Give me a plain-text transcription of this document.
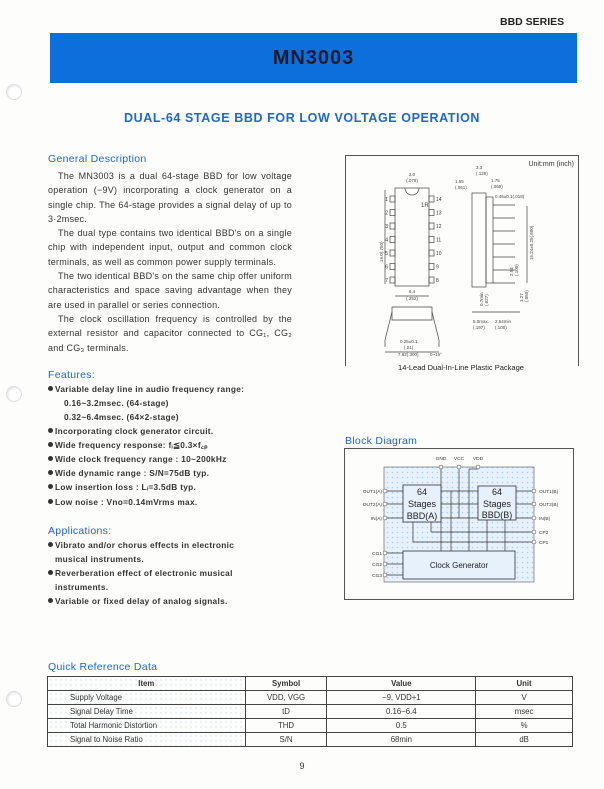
BBD SERIES
MN3003
DUAL-64 STAGE BBD FOR LOW VOLTAGE OPERATION
General Description

The MN3003 is a dual 64-stage BBD for low voltage operation (−9V) incorporating a clock generator on a single chip. The 64-stage provides a signal delay of up to 3·2msec.

The dual type contains two identical BBD's on a single chip with independent input, output and common clock terminals, as well as common power supply terminals.

The two identical BBD's on the same chip offer uniform characteristics and space saving advantage when they are used in parallel or series connection.

The clock oscillation frequency is controlled by the external resistor and capacitor connected to CG₁, CG₂ and CG₃ terminals.

Features:
Variable delay line in audio frequency range:
0.16~3.2msec. (64-stage)
0.32~6.4msec. (64×2-stage)
Incorporating clock generator circuit.
Wide frequency response: fᵢ≦0.3×f꜀ₚ
Wide clock frequency range : 10~200kHz
Wide dynamic range : S/N=75dB typ.
Low insertion loss : Lᵢ=3.5dB typ.
Low noise : Vno=0.14mVrms max.
Applications:
Vibrato and/or chorus effects in electronic
musical instruments.
Reverberation effect of electronic musical
instruments.
Variable or fixed delay of analog signals.
Unit:mm (inch)
1
2
3
4
5
6
7
14
13
12
11
10
9
8
2.0
(.079)
1R
19.0(.750)
6.4
(.252)
0.25±0.1
(.01)
7.62(.300)	0~15°
3.3
(.129)
1.55
(.061)
1.75
(.069)
0.45±0.1(.018)
15.24±0.25(.600)
2.54 (.100)
1.27 (.050)
0.7min (.027)
5.0max.
(.197)
2.54min
(.100)
14-Lead Dual-In-Line Plastic Package
Block Diagram
64
Stages
BBD(A)
64
Stages
BBD(B)
Clock Generator
GND VCC VDD
OUT1(A)
OUT2(A)
IN(A)
CG1
CG2
CG3
OUT1(B)
OUT2(B)
IN(B)
CP2
CP1
Quick Reference Data
Item	Symbol	Value	Unit
Supply Voltage	VDD, VGG	−9, VDD+1	V
Signal Delay Time	tD	0.16−6.4	msec
Total Harmonic Distortion	THD	0.5	%
Signal to Noise Ratio	S/N	68min	dB
9
